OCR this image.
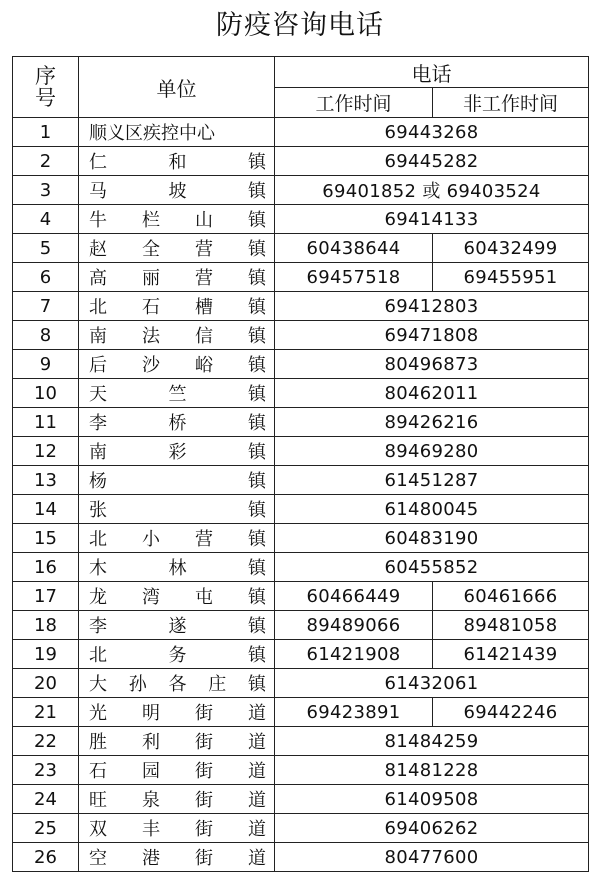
防疫咨询电话
序号	单位	电话	
		工作时间	非工作时间
1	顺义区疾控中心	69443268	
2	仁 和 镇	69445282	
3	马 坡 镇	69401852 或 69403524	
4	牛 栏 山 镇	69414133	
5	赵 全 营 镇	60438644	60432499
6	高 丽 营 镇	69457518	69455951
7	北 石 槽 镇	69412803	
8	南 法 信 镇	69471808	
9	后 沙 峪 镇	80496873	
10	天 竺 镇	80462011	
11	李 桥 镇	89426216	
12	南 彩 镇	89469280	
13	杨 镇	61451287	
14	张 镇	61480045	
15	北 小 营 镇	60483190	
16	木 林 镇	60455852	
17	龙 湾 屯 镇	60466449	60461666
18	李 遂 镇	89489066	89481058
19	北 务 镇	61421908	61421439
20	大 孙 各 庄 镇	61432061	
21	光 明 街 道	69423891	69442246
22	胜 利 街 道	81484259	
23	石 园 街 道	81481228	
24	旺 泉 街 道	61409508	
25	双 丰 街 道	69406262	
26	空 港 街 道	80477600	
